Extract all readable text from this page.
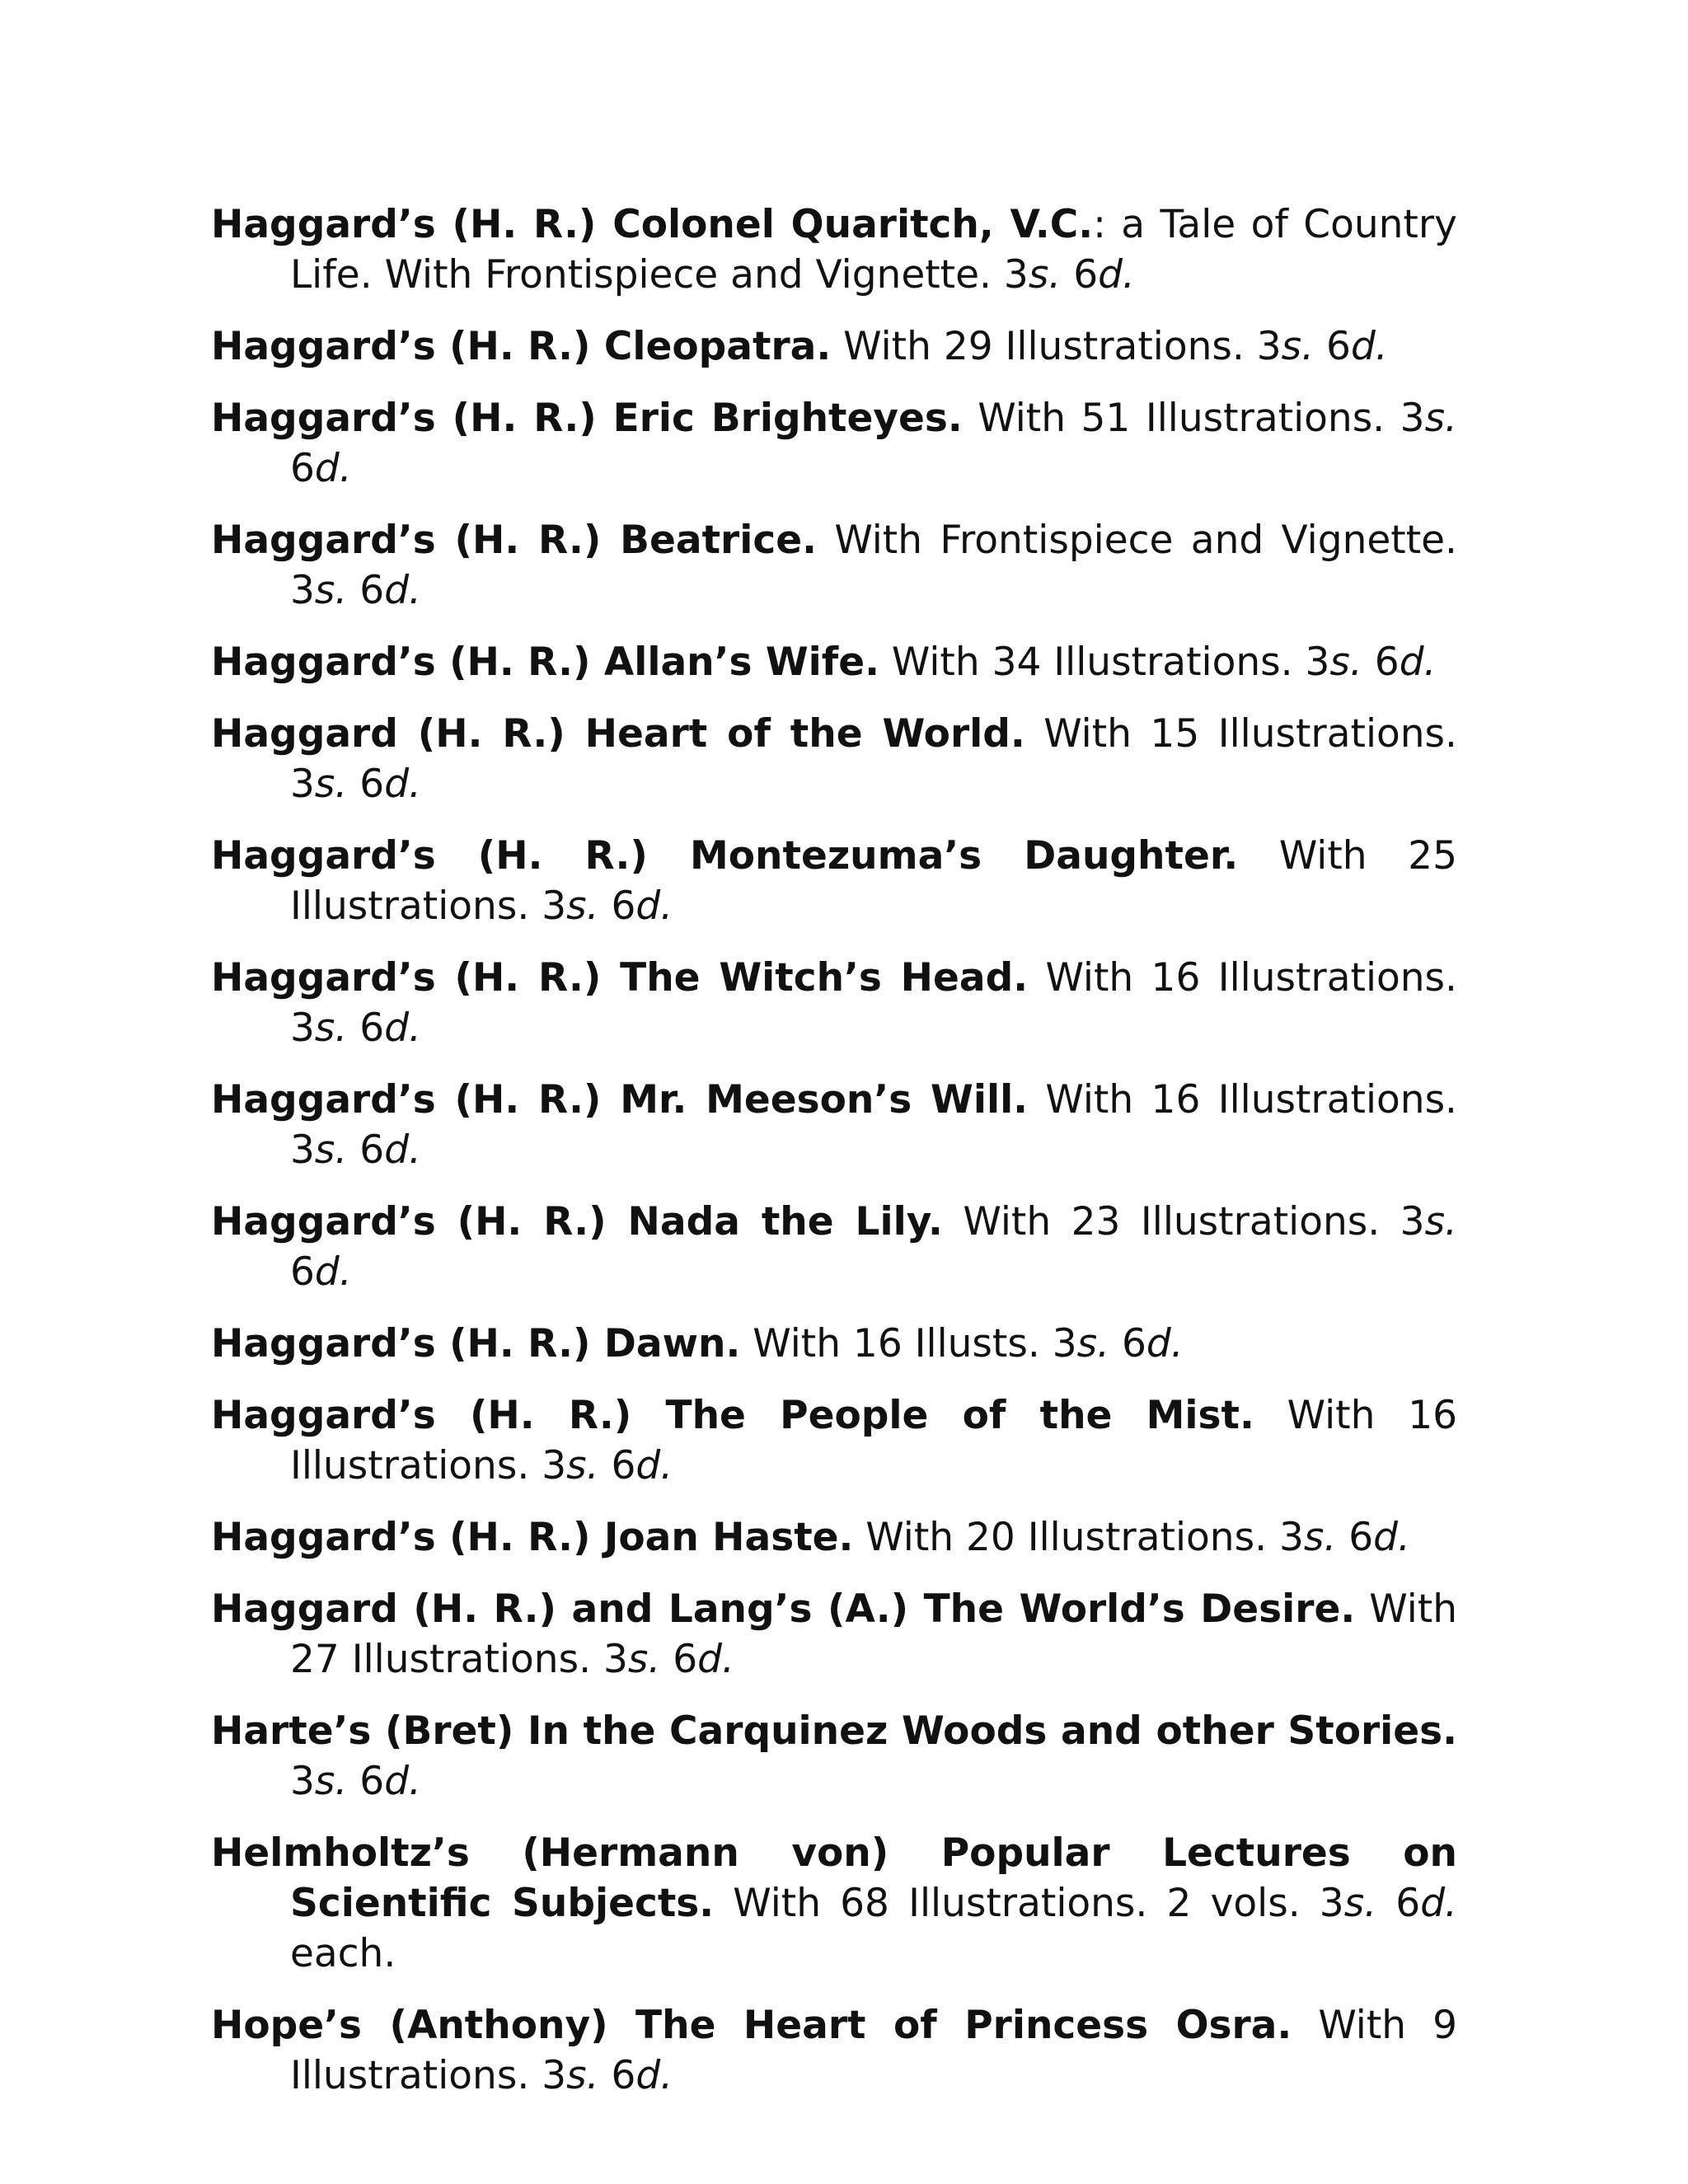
Haggard’s (H. R.) Colonel Quaritch, V.C.: a Tale of Country Life. With Frontispiece and Vignette. 3s. 6d.

Haggard’s (H. R.) Cleopatra. With 29 Illustrations. 3s. 6d.

Haggard’s (H. R.) Eric Brighteyes. With 51 Illustrations. 3s. 6d.

Haggard’s (H. R.) Beatrice. With Frontispiece and Vignette. 3s. 6d.

Haggard’s (H. R.) Allan’s Wife. With 34 Illustrations. 3s. 6d.

Haggard (H. R.) Heart of the World. With 15 Illustrations. 3s. 6d.

Haggard’s (H. R.) Montezuma’s Daughter. With 25 Illustrations. 3s. 6d.

Haggard’s (H. R.) The Witch’s Head. With 16 Illustrations. 3s. 6d.

Haggard’s (H. R.) Mr. Meeson’s Will. With 16 Illustrations. 3s. 6d.

Haggard’s (H. R.) Nada the Lily. With 23 Illustrations. 3s. 6d.

Haggard’s (H. R.) Dawn. With 16 Illusts. 3s. 6d.

Haggard’s (H. R.) The People of the Mist. With 16 Illustrations. 3s. 6d.

Haggard’s (H. R.) Joan Haste. With 20 Illustrations. 3s. 6d.

Haggard (H. R.) and Lang’s (A.) The World’s Desire. With 27 Illustrations. 3s. 6d.

Harte’s (Bret) In the Carquinez Woods and other Stories. 3s. 6d.

Helmholtz’s (Hermann von) Popular Lectures on Scientific Subjects. With 68 Illustrations. 2 vols. 3s. 6d. each.

Hope’s (Anthony) The Heart of Princess Osra. With 9 Illustrations. 3s. 6d.
